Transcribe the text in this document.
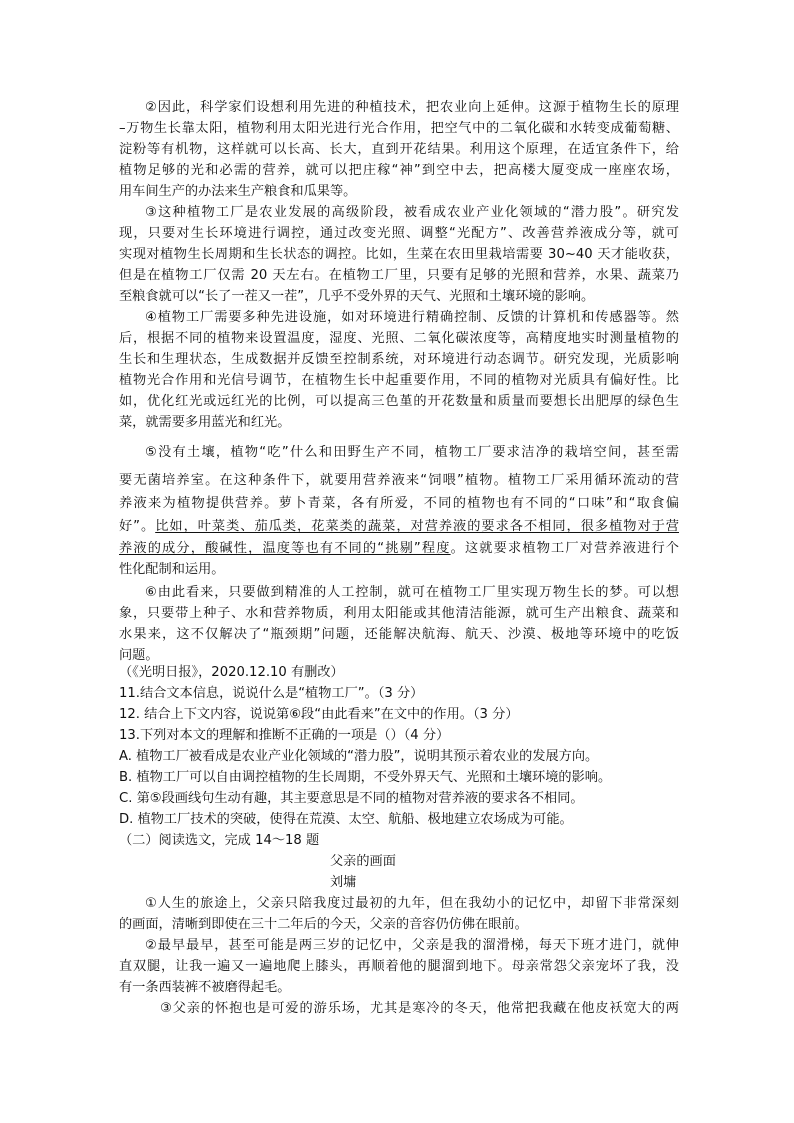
②因此，科学家们设想利用先进的种植技术，把农业向上延伸。这源于植物生长的原理
–万物生长靠太阳，植物利用太阳光进行光合作用，把空气中的二氧化碳和水转变成葡萄糖、
淀粉等有机物，这样就可以长高、长大，直到开花结果。利用这个原理，在适宜条件下，给
植物足够的光和必需的营养，就可以把庄稼“神”到空中去，把高楼大厦变成一座座农场，
用车间生产的办法来生产粮食和瓜果等。
③这种植物工厂是农业发展的高级阶段，被看成农业产业化领域的“潜力股”。研究发
现，只要对生长环境进行调控，通过改变光照、调整“光配方”、改善营养液成分等，就可
实现对植物生长周期和生长状态的调控。比如，生菜在农田里栽培需要 30~40 天才能收获，
但是在植物工厂仅需 20 天左右。在植物工厂里，只要有足够的光照和营养，水果、蔬菜乃
至粮食就可以“长了一茬又一茬”，几乎不受外界的天气、光照和土壤环境的影响。
④植物工厂需要多种先进设施，如对环境进行精确控制、反馈的计算机和传感器等。然
后，根据不同的植物来设置温度，湿度、光照、二氧化碳浓度等，高精度地实时测量植物的
生长和生理状态，生成数据并反馈至控制系统，对环境进行动态调节。研究发现，光质影响
植物光合作用和光信号调节，在植物生长中起重要作用，不同的植物对光质具有偏好性。比
如，优化红光或远红光的比例，可以提高三色堇的开花数量和质量而要想长出肥厚的绿色生
菜，就需要多用蓝光和红光。
⑤没有土壤，植物“吃”什么和田野生产不同，植物工厂要求洁净的栽培空间，甚至需
要无菌培养室。在这种条件下，就要用营养液来“饲喂”植物。植物工厂采用循环流动的营
养液来为植物提供营养。萝卜青菜，各有所爱，不同的植物也有不同的“口味”和“取食偏
好”。比如，叶菜类、茄瓜类，花菜类的蔬菜，对营养液的要求各不相同，很多植物对于营
养液的成分，酸碱性，温度等也有不同的“挑剔”程度。这就要求植物工厂对营养液进行个
性化配制和运用。
⑥由此看来，只要做到精准的人工控制，就可在植物工厂里实现万物生长的梦。可以想
象，只要带上种子、水和营养物质，利用太阳能或其他清洁能源，就可生产出粮食、蔬菜和
水果来，这不仅解决了“瓶颈期”问题，还能解决航海、航天、沙漠、极地等环境中的吃饭
问题。
（《光明日报》，2020.12.10 有删改）
11.结合文本信息，说说什么是“植物工厂”。（3 分）
12. 结合上下文内容，说说第⑥段“由此看来”在文中的作用。（3 分）
13.下列对本文的理解和推断不正确的一项是（）（4 分）
A. 植物工厂被看成是农业产业化领域的“潜力股”，说明其预示着农业的发展方向。
B. 植物工厂可以自由调控植物的生长周期，不受外界天气、光照和土壤环境的影响。
C. 第⑤段画线句生动有趣，其主要意思是不同的植物对营养液的要求各不相同。
D. 植物工厂技术的突破，使得在荒漠、太空、航船、极地建立农场成为可能。
（二）阅读选文，完成 14～18 题
父亲的画面
刘墉
①人生的旅途上，父亲只陪我度过最初的九年，但在我幼小的记忆中，却留下非常深刻
的画面，清晰到即使在三十二年后的今天，父亲的音容仍仿佛在眼前。
②最早最早，甚至可能是两三岁的记忆中，父亲是我的溜滑梯，每天下班才进门，就伸
直双腿，让我一遍又一遍地爬上膝头，再顺着他的腿溜到地下。母亲常怨父亲宠坏了我，没
有一条西装裤不被磨得起毛。
③父亲的怀抱也是可爱的游乐场，尤其是寒冷的冬天，他常把我藏在他皮袄宽大的两
